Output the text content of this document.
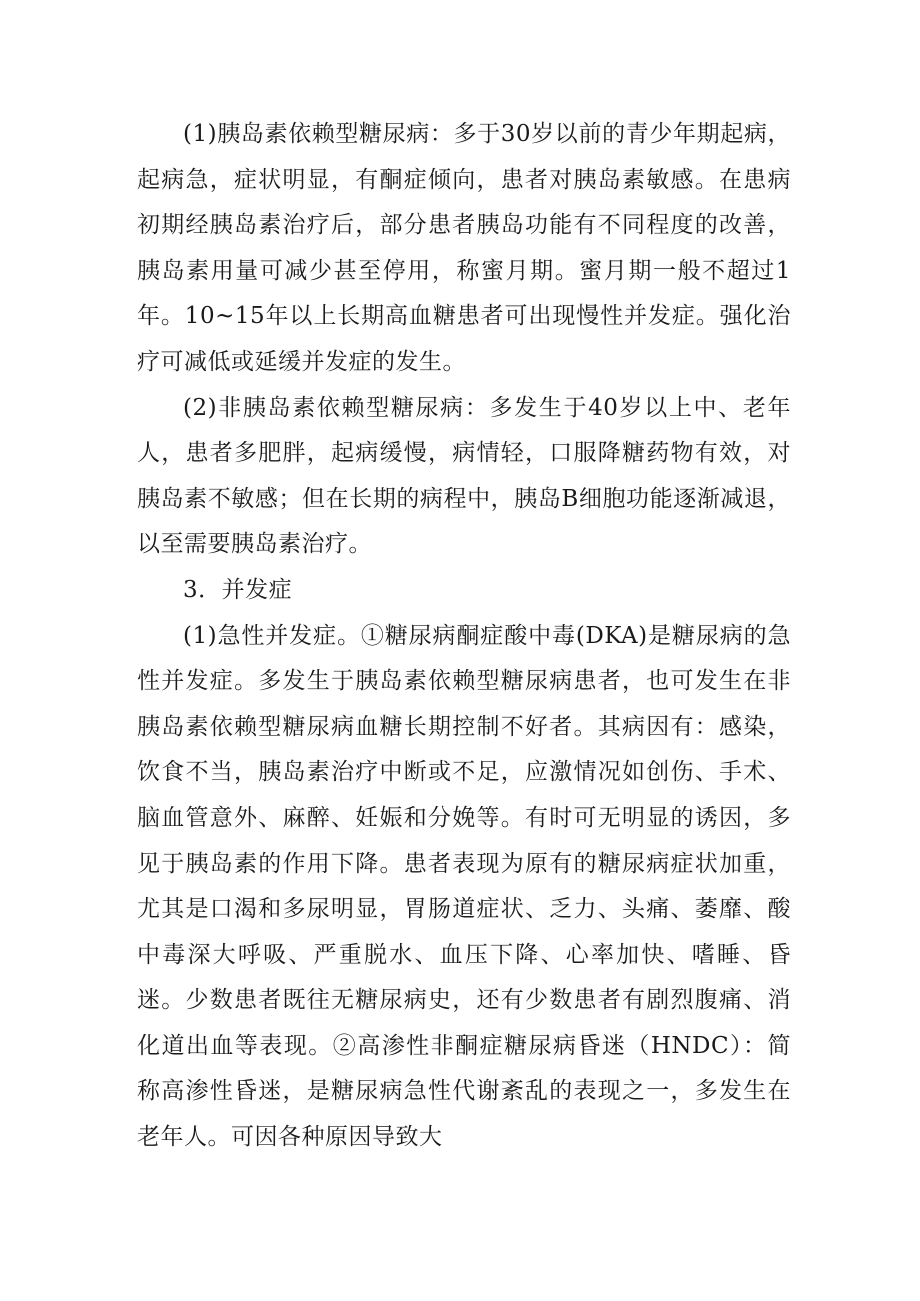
(1)胰岛素依赖型糖尿病：多于30岁以前的青少年期起病，起病急，症状明显，有酮症倾向，患者对胰岛素敏感。在患病初期经胰岛素治疗后，部分患者胰岛功能有不同程度的改善，胰岛素用量可减少甚至停用，称蜜月期。蜜月期一般不超过1年。10~15年以上长期高血糖患者可出现慢性并发症。强化治疗可减低或延缓并发症的发生。

(2)非胰岛素依赖型糖尿病：多发生于40岁以上中、老年人，患者多肥胖，起病缓慢，病情轻，口服降糖药物有效，对胰岛素不敏感；但在长期的病程中，胰岛B细胞功能逐渐减退，以至需要胰岛素治疗。

3．并发症

(1)急性并发症。①糖尿病酮症酸中毒(DKA)是糖尿病的急性并发症。多发生于胰岛素依赖型糖尿病患者，也可发生在非胰岛素依赖型糖尿病血糖长期控制不好者。其病因有：感染，饮食不当，胰岛素治疗中断或不足，应激情况如创伤、手术、脑血管意外、麻醉、妊娠和分娩等。有时可无明显的诱因，多见于胰岛素的作用下降。患者表现为原有的糖尿病症状加重，尤其是口渴和多尿明显，胃肠道症状、乏力、头痛、萎靡、酸中毒深大呼吸、严重脱水、血压下降、心率加快、嗜睡、昏迷。少数患者既往无糖尿病史，还有少数患者有剧烈腹痛、消化道出血等表现。②高渗性非酮症糖尿病昏迷（HNDC）：简称高渗性昏迷，是糖尿病急性代谢紊乱的表现之一，多发生在老年人。可因各种原因导致大
